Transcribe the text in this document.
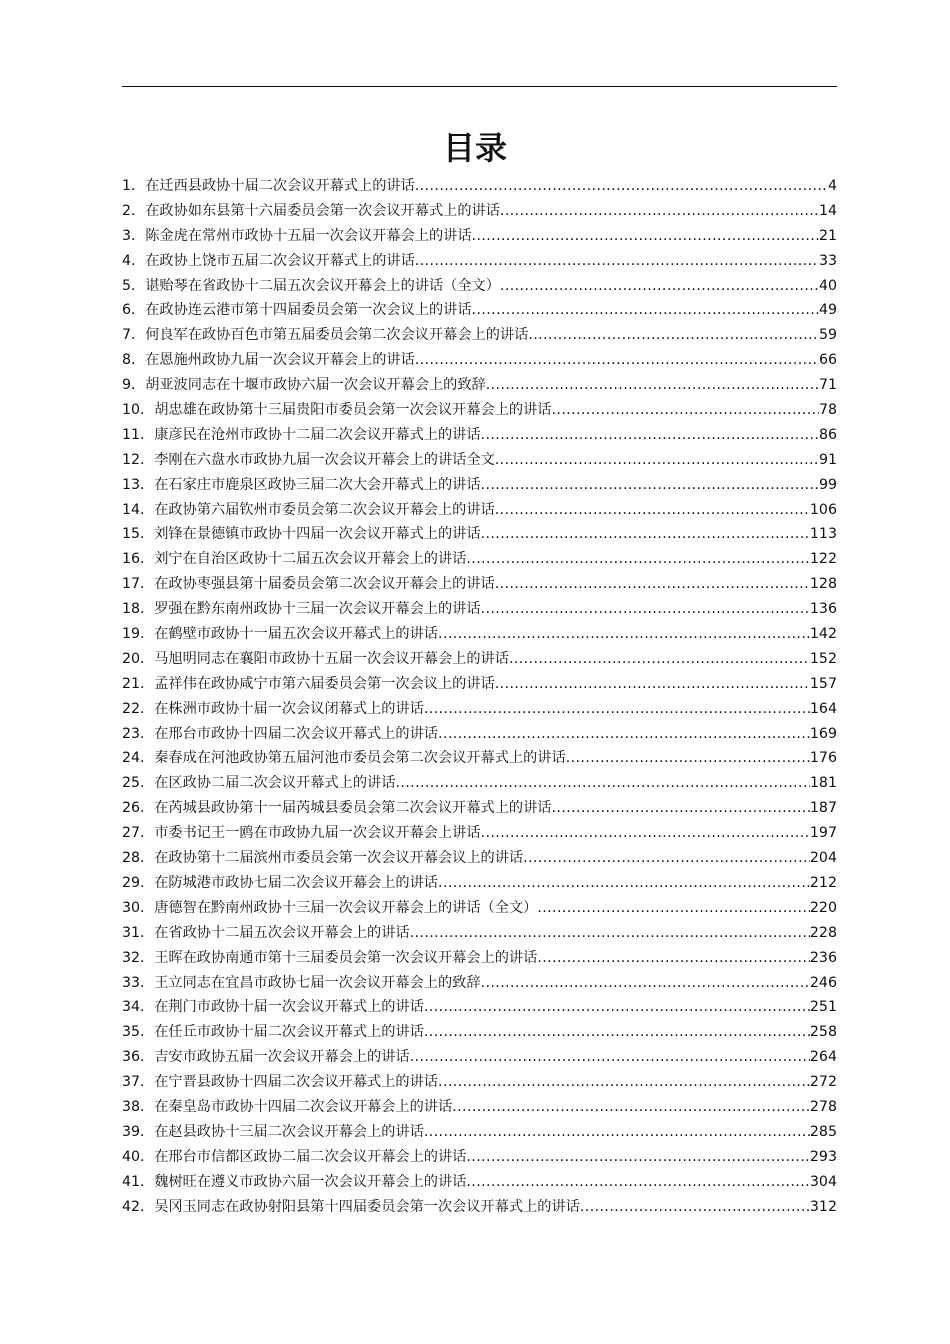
目录
1．在迁西县政协十届二次会议开幕式上的讲话 .....	4
2．在政协如东县第十六届委员会第一次会议开幕式上的讲话 .....	14
3．陈金虎在常州市政协十五届一次会议开幕会上的讲话 .....	21
4．在政协上饶市五届二次会议开幕式上的讲话 .....	33
5．谌贻琴在省政协十二届五次会议开幕会上的讲话（全文） .....	40
6．在政协连云港市第十四届委员会第一次会议上的讲话 .....	49
7．何良军在政协百色市第五届委员会第二次会议开幕会上的讲话 .....	59
8．在恩施州政协九届一次会议开幕会上的讲话 .....	66
9．胡亚波同志在十堰市政协六届一次会议开幕会上的致辞 .....	71
10．胡忠雄在政协第十三届贵阳市委员会第一次会议开幕会上的讲话 .....	78
11．康彦民在沧州市政协十二届二次会议开幕式上的讲话 .....	86
12．李刚在六盘水市政协九届一次会议开幕会上的讲话全文 .....	91
13．在石家庄市鹿泉区政协三届二次大会开幕式上的讲话 .....	99
14．在政协第六届钦州市委员会第二次会议开幕会上的讲话 .....	106
15．刘锋在景德镇市政协十四届一次会议开幕式上的讲话 .....	113
16．刘宁在自治区政协十二届五次会议开幕会上的讲话 .....	122
17．在政协枣强县第十届委员会第二次会议开幕会上的讲话 .....	128
18．罗强在黔东南州政协十三届一次会议开幕会上的讲话 .....	136
19．在鹤壁市政协十一届五次会议开幕式上的讲话 .....	142
20．马旭明同志在襄阳市政协十五届一次会议开幕会上的讲话 .....	152
21．孟祥伟在政协咸宁市第六届委员会第一次会议上的讲话 .....	157
22．在株洲市政协十届一次会议闭幕式上的讲话 .....	164
23．在邢台市政协十四届二次会议开幕式上的讲话 .....	169
24．秦春成在河池政协第五届河池市委员会第二次会议开幕式上的讲话 .....	176
25．在区政协二届二次会议开幕式上的讲话 .....	181
26．在芮城县政协第十一届芮城县委员会第二次会议开幕式上的讲话 .....	187
27．市委书记王一鸥在市政协九届一次会议开幕会上讲话 .....	197
28．在政协第十二届滨州市委员会第一次会议开幕会议上的讲话 .....	204
29．在防城港市政协七届二次会议开幕会上的讲话 .....	212
30．唐德智在黔南州政协十三届一次会议开幕会上的讲话（全文） .....	220
31．在省政协十二届五次会议开幕会上的讲话 .....	228
32．王晖在政协南通市第十三届委员会第一次会议开幕会上的讲话 .....	236
33．王立同志在宜昌市政协七届一次会议开幕会上的致辞 .....	246
34．在荆门市政协十届一次会议开幕式上的讲话 .....	251
35．在任丘市政协十届二次会议开幕式上的讲话 .....	258
36．吉安市政协五届一次会议开幕会上的讲话 .....	264
37．在宁晋县政协十四届二次会议开幕式上的讲话 .....	272
38．在秦皇岛市政协十四届二次会议开幕会上的讲话 .....	278
39．在赵县政协十三届二次会议开幕会上的讲话 .....	285
40．在邢台市信都区政协二届二次会议开幕会上的讲话 .....	293
41．魏树旺在遵义市政协六届一次会议开幕会上的讲话 .....	304
42．吴冈玉同志在政协射阳县第十四届委员会第一次会议开幕式上的讲话 .....	312
